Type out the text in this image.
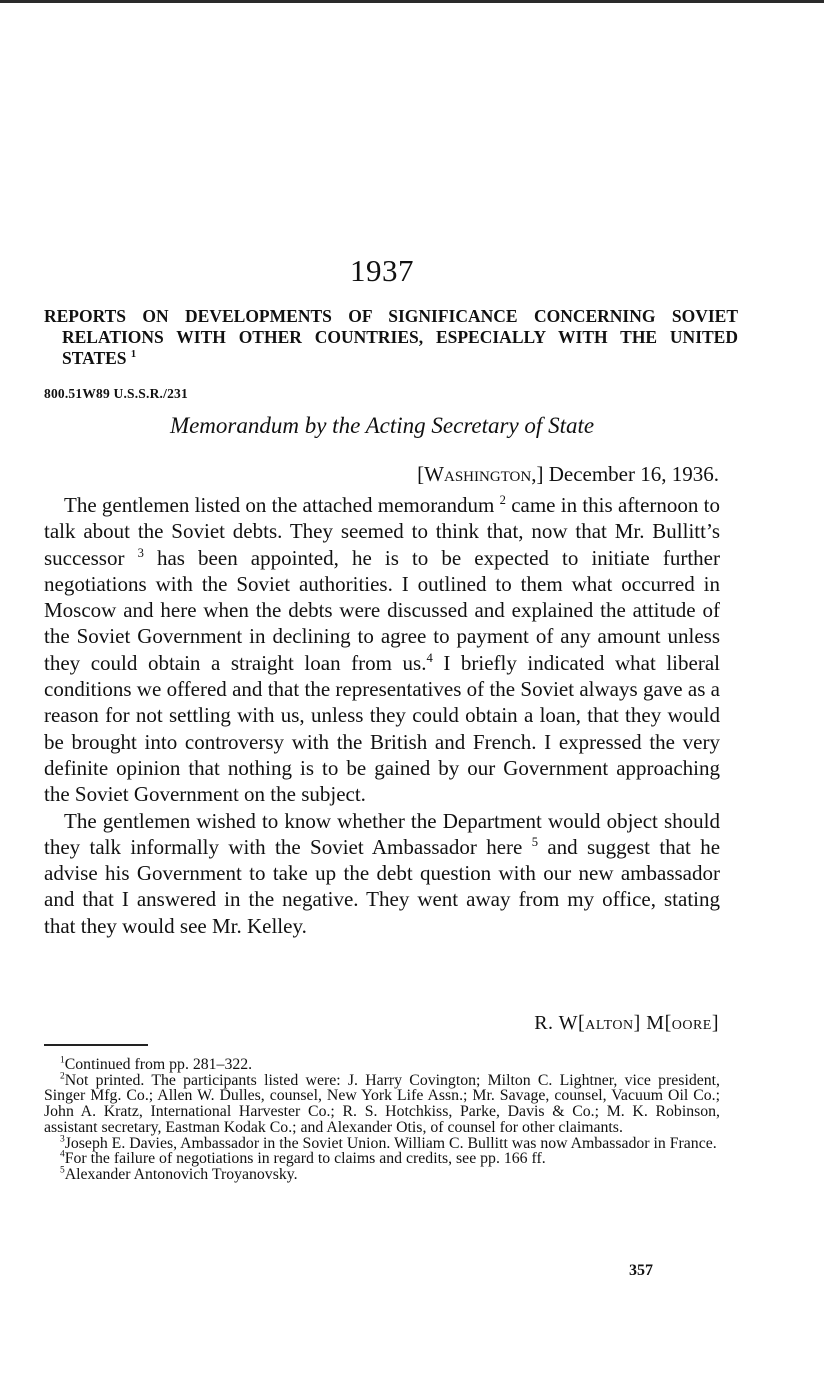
1937
REPORTS ON DEVELOPMENTS OF SIGNIFICANCE CONCERNING SOVIET RELATIONS WITH OTHER COUNTRIES, ESPECIALLY WITH THE UNITED STATES $^1$
800.51W89 U.S.S.R./231
Memorandum by the Acting Secretary of State
[Washington,] December 16, 1936.

The gentlemen listed on the attached memorandum $^2$ came in this afternoon to talk about the Soviet debts. They seemed to think that, now that Mr. Bullitt’s successor $^3$ has been appointed, he is to be expected to initiate further negotiations with the Soviet authorities. I outlined to them what occurred in Moscow and here when the debts were discussed and explained the attitude of the Soviet Government in declining to agree to payment of any amount unless they could obtain a straight loan from us.$^4$ I briefly indicated what liberal conditions we offered and that the representatives of the Soviet always gave as a reason for not settling with us, unless they could obtain a loan, that they would be brought into controversy with the British and French. I expressed the very definite opinion that nothing is to be gained by our Government approaching the Soviet Government on the subject.

The gentlemen wished to know whether the Department would object should they talk informally with the Soviet Ambassador here $^5$ and suggest that he advise his Government to take up the debt question with our new ambassador and that I answered in the negative. They went away from my office, stating that they would see Mr. Kelley.

R. W[alton] M[oore]

$^1$Continued from pp. 281–322.

$^2$Not printed. The participants listed were: J. Harry Covington; Milton C. Lightner, vice president, Singer Mfg. Co.; Allen W. Dulles, counsel, New York Life Assn.; Mr. Savage, counsel, Vacuum Oil Co.; John A. Kratz, International Harvester Co.; R. S. Hotchkiss, Parke, Davis & Co.; M. K. Robinson, assistant secretary, Eastman Kodak Co.; and Alexander Otis, of counsel for other claimants.

$^3$Joseph E. Davies, Ambassador in the Soviet Union. William C. Bullitt was now Ambassador in France.

$^4$For the failure of negotiations in regard to claims and credits, see pp. 166 ff.

$^5$Alexander Antonovich Troyanovsky.

357
